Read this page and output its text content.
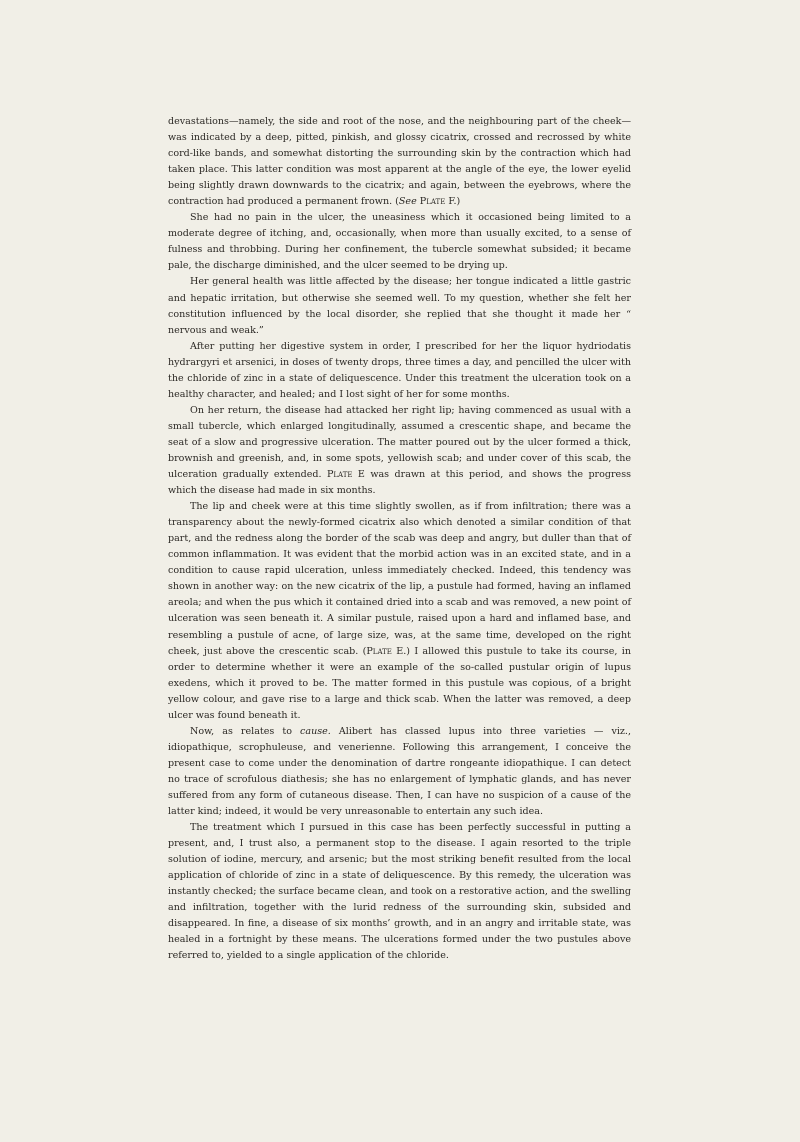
devastations—namely, the side and root of the nose, and the neighbouring part of the cheek—was indicated by a deep, pitted, pinkish, and glossy cicatrix, crossed and recrossed by white cord-like bands, and somewhat distorting the surrounding skin by the contraction which had taken place. This latter condition was most apparent at the angle of the eye, the lower eyelid being slightly drawn downwards to the cicatrix; and again, between the eyebrows, where the contraction had produced a permanent frown. (See Plate F.)

She had no pain in the ulcer, the uneasiness which it occasioned being limited to a moderate degree of itching, and, occasionally, when more than usually excited, to a sense of fulness and throbbing. During her confinement, the tubercle somewhat subsided; it became pale, the discharge diminished, and the ulcer seemed to be drying up.

Her general health was little affected by the disease; her tongue indicated a little gastric and hepatic irritation, but otherwise she seemed well. To my question, whether she felt her constitution influenced by the local disorder, she replied that she thought it made her “ nervous and weak.”

After putting her digestive system in order, I prescribed for her the liquor hydriodatis hydrargyri et arsenici, in doses of twenty drops, three times a day, and pencilled the ulcer with the chloride of zinc in a state of deliquescence. Under this treatment the ulceration took on a healthy character, and healed; and I lost sight of her for some months.

On her return, the disease had attacked her right lip; having commenced as usual with a small tubercle, which enlarged longitudinally, assumed a crescentic shape, and became the seat of a slow and progressive ulceration. The matter poured out by the ulcer formed a thick, brownish and greenish, and, in some spots, yellowish scab; and under cover of this scab, the ulceration gradually extended. Plate E was drawn at this period, and shows the progress which the disease had made in six months.

The lip and cheek were at this time slightly swollen, as if from infiltration; there was a transparency about the newly-formed cicatrix also which denoted a similar condition of that part, and the redness along the border of the scab was deep and angry, but duller than that of common inflammation. It was evident that the morbid action was in an excited state, and in a condition to cause rapid ulceration, unless immediately checked. Indeed, this tendency was shown in another way: on the new cicatrix of the lip, a pustule had formed, having an inflamed areola; and when the pus which it contained dried into a scab and was removed, a new point of ulceration was seen beneath it. A similar pustule, raised upon a hard and inflamed base, and resembling a pustule of acne, of large size, was, at the same time, developed on the right cheek, just above the crescentic scab. (Plate E.) I allowed this pustule to take its course, in order to determine whether it were an example of the so-called pustular origin of lupus exedens, which it proved to be. The matter formed in this pustule was copious, of a bright yellow colour, and gave rise to a large and thick scab. When the latter was removed, a deep ulcer was found beneath it.

Now, as relates to cause. Alibert has classed lupus into three varieties — viz., idiopathique, scrophuleuse, and venerienne. Following this arrangement, I conceive the present case to come under the denomination of dartre rongeante idiopathique. I can detect no trace of scrofulous diathesis; she has no enlargement of lymphatic glands, and has never suffered from any form of cutaneous disease. Then, I can have no suspicion of a cause of the latter kind; indeed, it would be very unreasonable to entertain any such idea.

The treatment which I pursued in this case has been perfectly successful in putting a present, and, I trust also, a permanent stop to the disease. I again resorted to the triple solution of iodine, mercury, and arsenic; but the most striking benefit resulted from the local application of chloride of zinc in a state of deliquescence. By this remedy, the ulceration was instantly checked; the surface became clean, and took on a restorative action, and the swelling and infiltration, together with the lurid redness of the surrounding skin, subsided and disappeared. In fine, a disease of six months’ growth, and in an angry and irritable state, was healed in a fortnight by these means. The ulcerations formed under the two pustules above referred to, yielded to a single application of the chloride.
